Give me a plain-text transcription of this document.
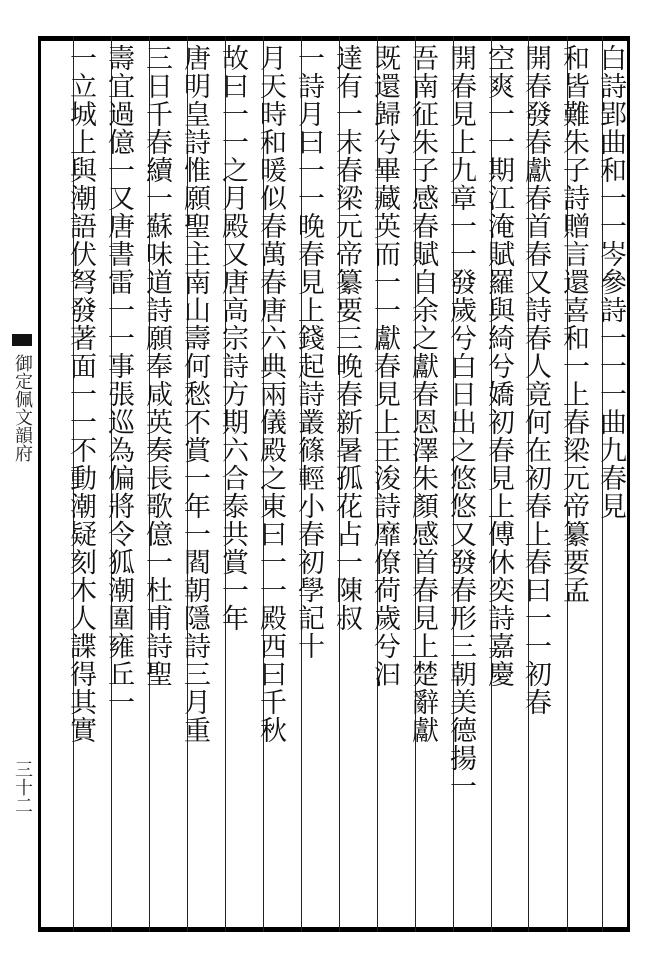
白詩郢曲和一一岑參詩一一一曲九春見
和皆難朱子詩贈言還喜和一上春梁元帝纂要孟
開春發春獻春首春又詩春人竟何在初春上春曰一一初春
空爽一一期江淹賦羅與綺兮嬌初春見上傅休奕詩嘉慶
開春見上九章一一發歲兮白日出之悠悠又發春形三朝美德揚一
吾南征朱子感春賦自余之獻春恩澤朱顏感首春見上楚辭獻
既還歸兮畢藏英而一一獻春見上王浚詩靡僚荷歲兮汩
達有一末春梁元帝纂要三晚春新暑孤花占一陳叔
一詩月曰一一晚春見上錢起詩叢篠輕小春初學記十
月天時和暖似春萬春唐六典兩儀殿之東曰一一殿西曰千秋
故曰一一之月殿又唐高宗詩方期六合泰共賞一年
唐明皇詩惟願聖主南山壽何愁不賞一年一閻朝隱詩三月重
三日千春續一蘇味道詩願奉咸英奏長歌億一杜甫詩聖
壽宜過億一又唐書雷一一事張巡為偏將令狐潮圍雍丘一
一立城上與潮語伏弩發著面一一不動潮疑刻木人諜得其實
御定佩文韻府
三十二
